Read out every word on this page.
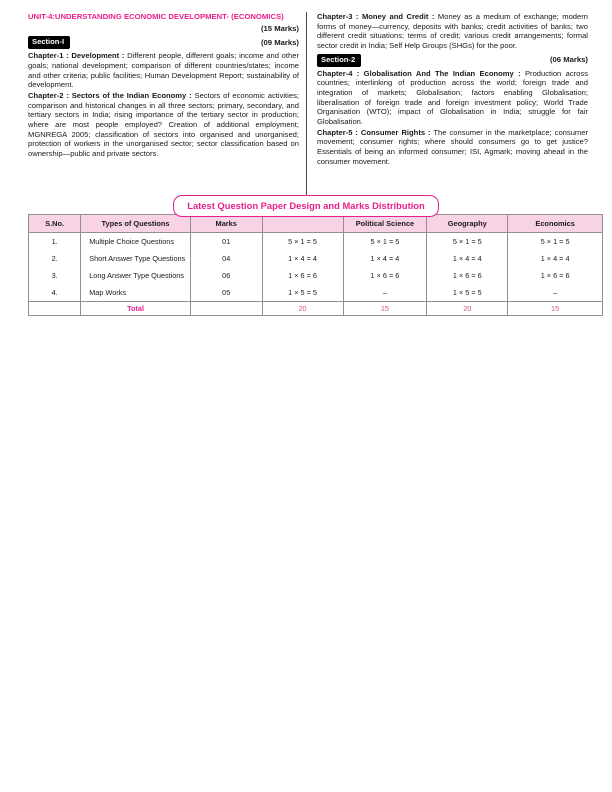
UNIT-4:UNDERSTANDING ECONOMIC DEVELOPMENT- (ECONOMICS)
(15 Marks)
Section-I	(09 Marks)

Chapter-1 : Development : Different people, different goals; income and other goals; national development; comparison of different countries/states; income and other criteria; public facilities; Human Development Report; sustainability of development.

Chapter-2 : Sectors of the Indian Economy : Sectors of economic activities; comparison and historical changes in all three sectors; primary, secondary, and tertiary sectors in India; rising importance of the tertiary sector in production; where are most people employed? Creation of additional employment; MGNREGA 2005; classification of sectors into organised and unorganised; protection of workers in the unorganised sector; sector classification based on ownership—public and private sectors.

Chapter-3 : Money and Credit : Money as a medium of exchange; modern forms of money—currency, deposits with banks; credit activities of banks; two different credit situations; terms of credit; various credit arrangements; formal sector credit in India; Self Help Groups (SHGs) for the poor.

Section-2	(06 Marks)

Chapter-4 : Globalisation And The Indian Economy : Production across countries; interlinking of production across the world; foreign trade and integration of markets; Globalisation; factors enabling Globalisation; liberalisation of foreign trade and foreign investment policy; World Trade Organisation (WTO); impact of Globalisation in India; struggle for fair Globalisation.

Chapter-5 : Consumer Rights : The consumer in the marketplace; consumer movement; consumer rights; where should consumers go to get justice? Essentials of being an informed consumer; ISI, Agmark; moving ahead in the consumer movement.

Latest Question Paper Design and Marks Distribution
S.No.	Types of Questions	Marks		Political Science	Geography	Economics
1.	Multiple Choice Questions	01	5 × 1 = 5	5 × 1 = 5	5 × 1 = 5	5 × 1 = 5
2.	Short Answer Type Questions	04	1 × 4 = 4	1 × 4 = 4	1 × 4 = 4	1 × 4 = 4
3.	Long Answer Type Questions	06	1 × 6 = 6	1 × 6 = 6	1 × 6 = 6	1 × 6 = 6
4.	Map Works	05	1 × 5 = 5	–	1 × 5 = 5	–
	Total		20	15	20	15
